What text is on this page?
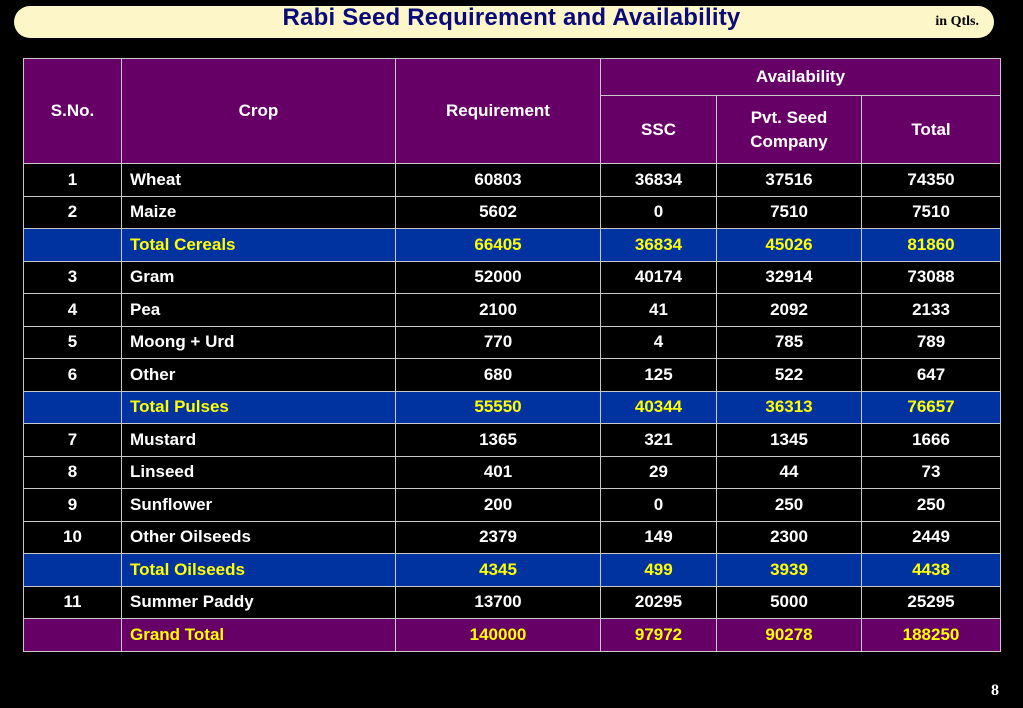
Rabi Seed Requirement and Availability	in Qtls.
S.No.	Crop	Requirement	Availability		
			SSC	Pvt. Seed Company	Total
1	Wheat	60803	36834	37516	74350
2	Maize	5602	0	7510	7510
	Total Cereals	66405	36834	45026	81860
3	Gram	52000	40174	32914	73088
4	Pea	2100	41	2092	2133
5	Moong + Urd	770	4	785	789
6	Other	680	125	522	647
	Total Pulses	55550	40344	36313	76657
7	Mustard	1365	321	1345	1666
8	Linseed	401	29	44	73
9	Sunflower	200	0	250	250
10	Other Oilseeds	2379	149	2300	2449
	Total Oilseeds	4345	499	3939	4438
11	Summer Paddy	13700	20295	5000	25295
	Grand Total	140000	97972	90278	188250
8
